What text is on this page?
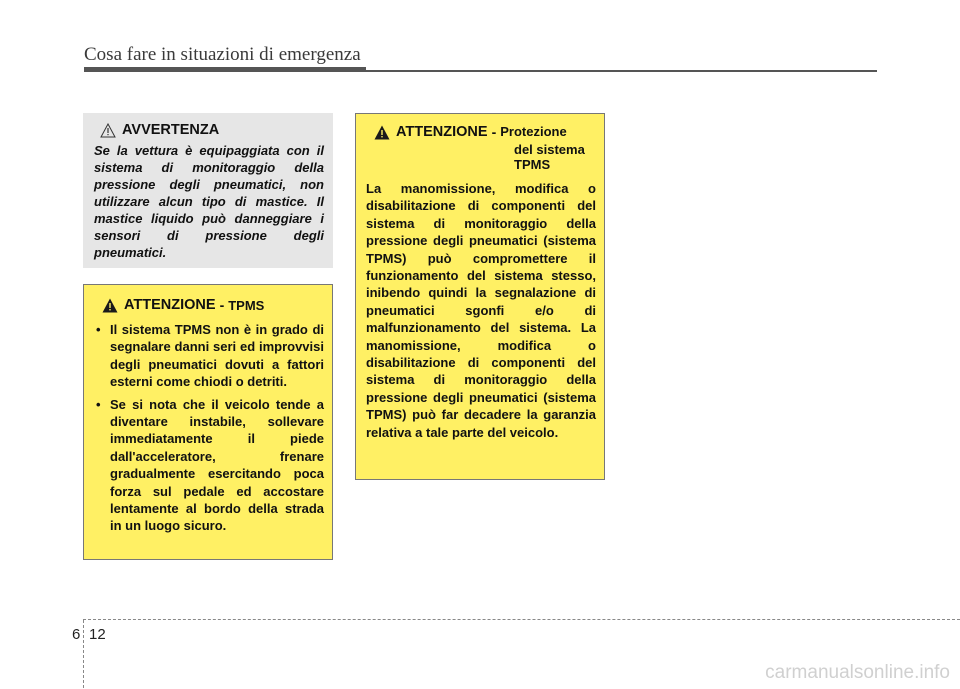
Cosa fare in situazioni di emergenza
AVVERTENZA
Se la vettura è equipaggiata con il sistema di monitoraggio della pressione degli pneumatici, non utilizzare alcun tipo di mastice. Il mastice liquido può danneggiare i sensori di pressione degli pneumatici.
ATTENZIONE - TPMS
• Il sistema TPMS non è in grado di segnalare danni seri ed improvvisi degli pneumatici dovuti a fattori esterni come chiodi o detriti.
• Se si nota che il veicolo tende a diventare instabile, sollevare immediatamente il piede dall'acceleratore, frenare gradualmente esercitando poca forza sul pedale ed accostare lentamente al bordo della strada in un luogo sicuro.
ATTENZIONE - Protezione
del sistema
TPMS
La manomissione, modifica o disabilitazione di componenti del sistema di monitoraggio della pressione degli pneumatici (sistema TPMS) può compromettere il funzionamento del sistema stesso, inibendo quindi la segnalazione di pneumatici sgonfi e/o di malfunzionamento del sistema. La manomissione, modifica o disabilitazione di componenti del sistema di monitoraggio della pressione degli pneumatici (sistema TPMS) può far decadere la garanzia relativa a tale parte del veicolo.
6 12
carmanualsonline.info
